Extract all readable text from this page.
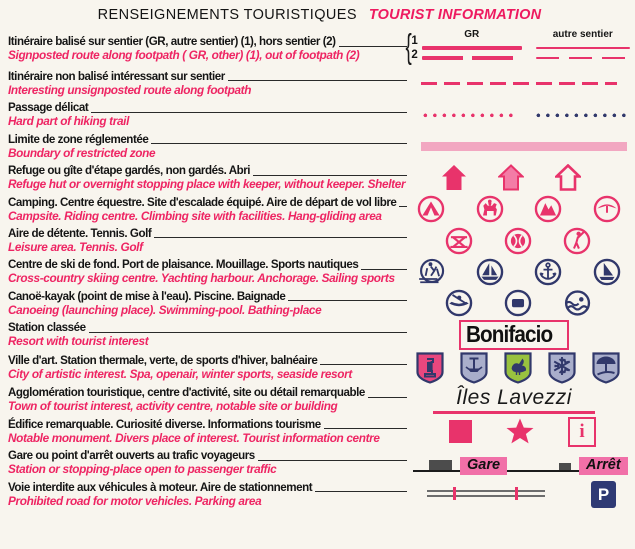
RENSEIGNEMENTS TOURISTIQUES TOURIST INFORMATION
Itinéraire balisé sur sentier (GR, autre sentier) (1), hors sentier (2)
Signposted route along footpath ( GR, other) (1), out of footpath (2)	{ 1
2
GR	autre sentier
Itinéraire non balisé intéressant sur sentier
Interesting unsignposted route along footpath
Passage délicat
Hard part of hiking trail
Limite de zone réglementée
Boundary of restricted zone
Refuge ou gîte d'étape gardés, non gardés. Abri
Refuge hut or overnight stopping place with keeper, without keeper. Shelter
Camping. Centre équestre. Site d'escalade équipé. Aire de départ de vol libre
Campsite. Riding centre. Climbing site with facilities. Hang-gliding area
Aire de détente. Tennis. Golf
Leisure area. Tennis. Golf
Centre de ski de fond. Port de plaisance. Mouillage. Sports nautiques
Cross-country skiing centre. Yachting harbour. Anchorage. Sailing sports
Canoë-kayak (point de mise à l'eau). Piscine. Baignade
Canoeing (launching place). Swimming-pool. Bathing-place
Station classée
Resort with tourist interest	Bonifacio
Ville d'art. Station thermale, verte, de sports d'hiver, balnéaire
City of artistic interest. Spa, openair, winter sports, seaside resort
Agglomération touristique, centre d'activité, site ou détail remarquable
Town of tourist interest, activity centre, notable site or building	Îles Lavezzi
Édifice remarquable. Curiosité diverse. Informations tourisme
Notable monument. Divers place of interest. Tourist information centre	i
Gare ou point d'arrêt ouverts au trafic voyageurs
Station or stopping-place open to passenger traffic	Gare	Arrêt
Voie interdite aux véhicules à moteur. Aire de stationnement
Prohibited road for motor vehicles. Parking area	P
